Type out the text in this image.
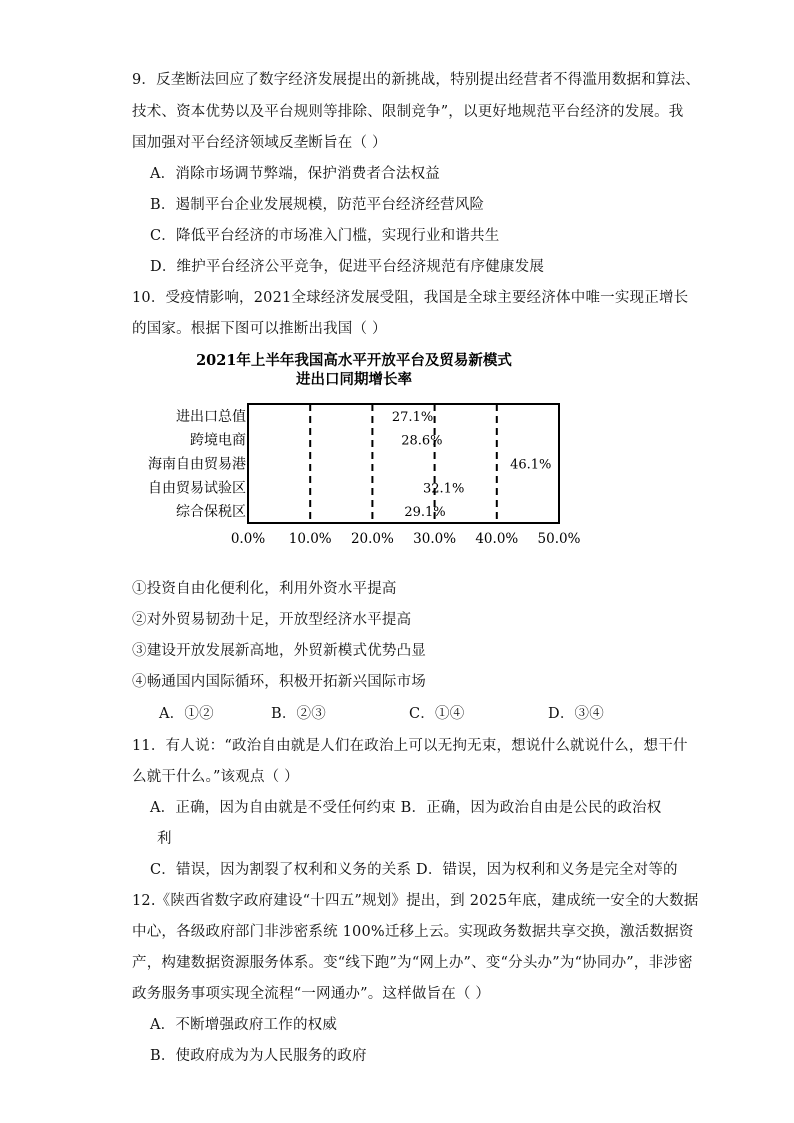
9．反垄断法回应了数字经济发展提出的新挑战，特别提出经营者不得滥用数据和算法、
技术、资本优势以及平台规则等排除、限制竞争”，以更好地规范平台经济的发展。我
国加强对平台经济领域反垄断旨在（ ）
A．消除市场调节弊端，保护消费者合法权益
B．遏制平台企业发展规模，防范平台经济经营风险
C．降低平台经济的市场准入门槛，实现行业和谐共生
D．维护平台经济公平竞争，促进平台经济规范有序健康发展
10．受疫情影响，2021全球经济发展受阻，我国是全球主要经济体中唯一实现正增长
的国家。根据下图可以推断出我国（ ）
2021年上半年我国高水平开放平台及贸易新模式
进出口同期增长率
进出口总值
跨境电商
海南自由贸易港
自由贸易试验区
综合保税区
27.1%
28.6%
46.1%
32.1%
29.1%
0.0% 10.0% 20.0% 30.0% 40.0% 50.0%
①投资自由化便利化，利用外资水平提高
②对外贸易韧劲十足，开放型经济水平提高
③建设开放发展新高地，外贸新模式优势凸显
④畅通国内国际循环，积极开拓新兴国际市场
A．①②	B．②③	C．①④	D．③④
11．有人说：“政治自由就是人们在政治上可以无拘无束，想说什么就说什么，想干什
么就干什么。”该观点（ ）
A．正确，因为自由就是不受任何约束 B．正确，因为政治自由是公民的政治权
利
C．错误，因为割裂了权利和义务的关系 D．错误，因为权利和义务是完全对等的
12.《陕西省数字政府建设“十四五”规划》提出，到 2025年底，建成统一安全的大数据
中心，各级政府部门非涉密系统 100%迁移上云。实现政务数据共享交换，激活数据资
产，构建数据资源服务体系。变“线下跑”为“网上办”、变“分头办”为“协同办”，非涉密
政务服务事项实现全流程“一网通办”。这样做旨在（ ）
A．不断增强政府工作的权威
B．使政府成为为人民服务的政府
